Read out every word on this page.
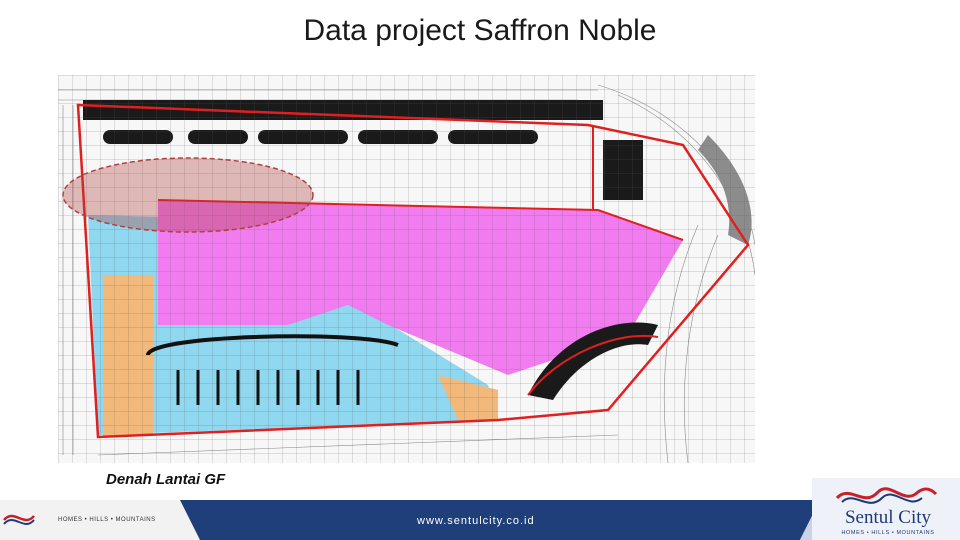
Data project Saffron Noble
Denah Lantai GF
HOMES • HILLS • MOUNTAINS	www.sentulcity.co.id	Sentul City
HOMES • HILLS • MOUNTAINS
